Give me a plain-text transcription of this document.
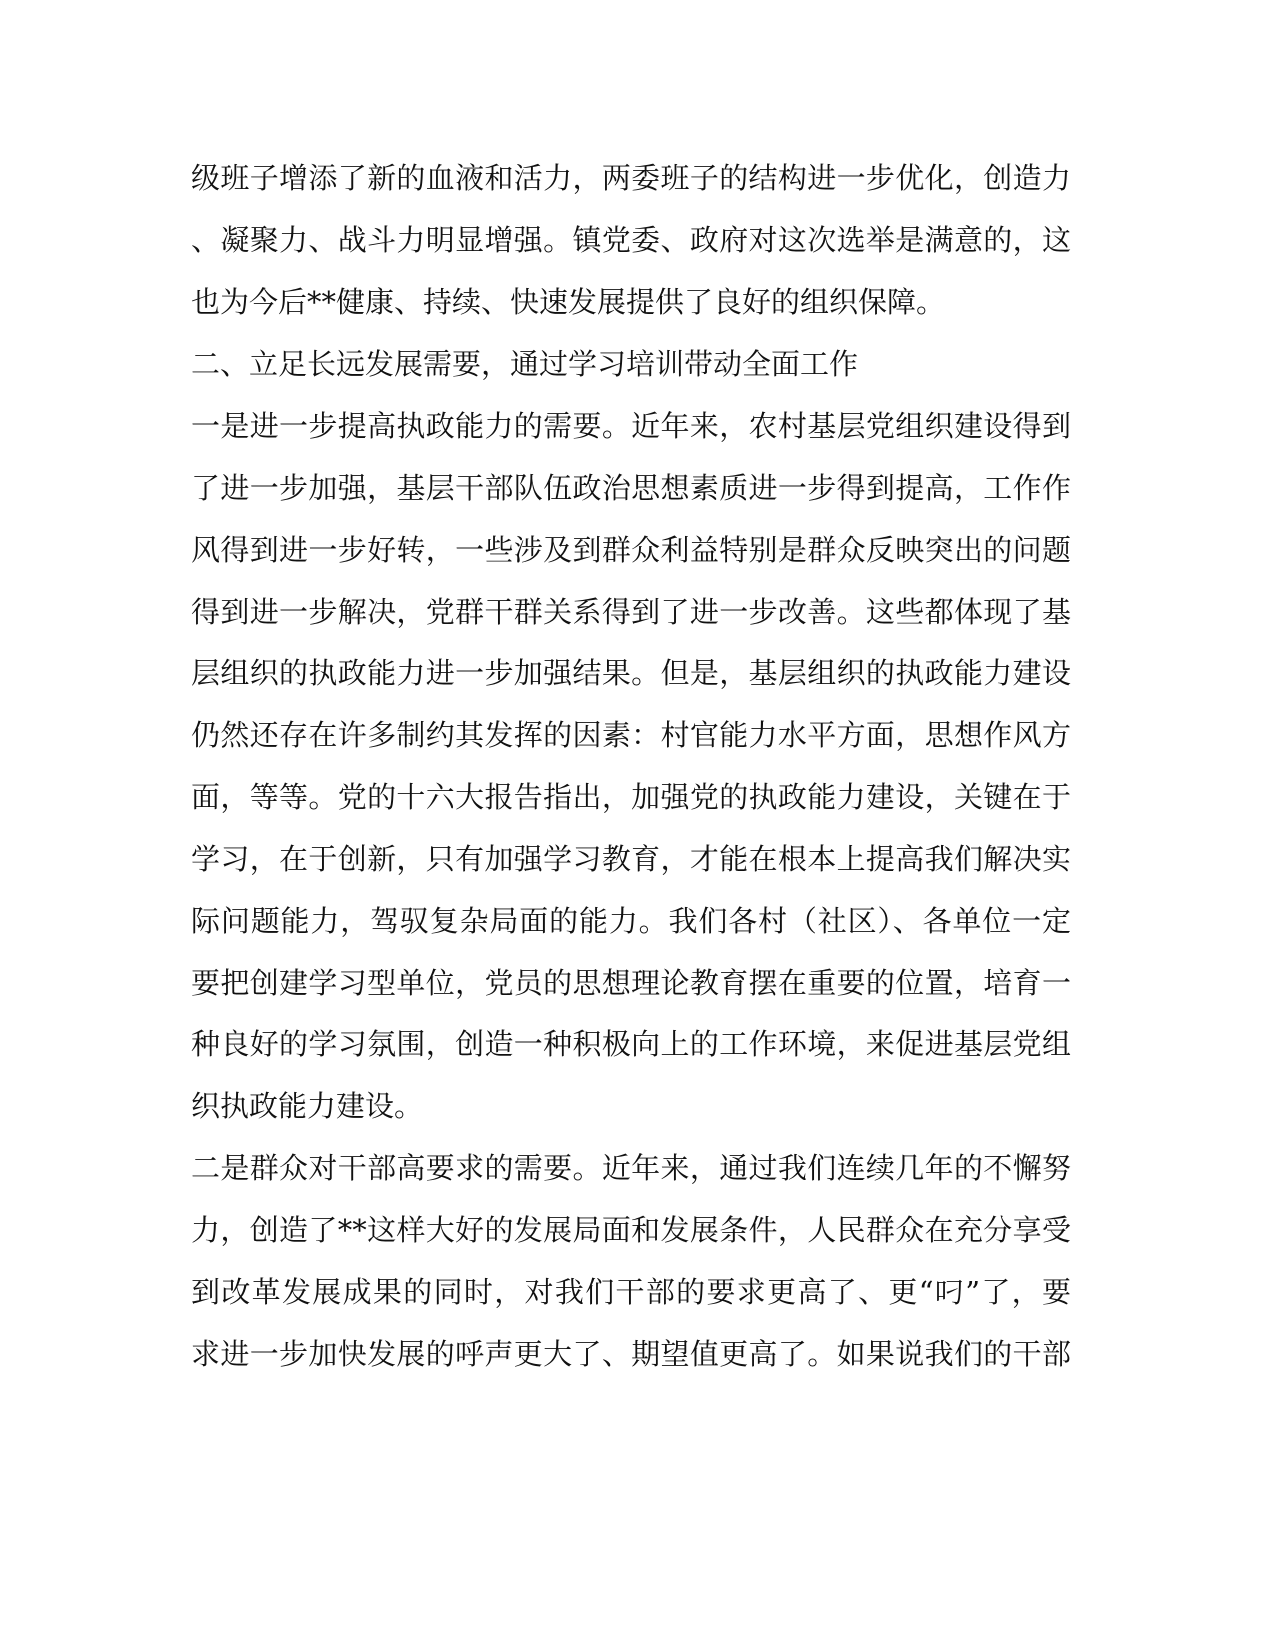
级班子增添了新的血液和活力，两委班子的结构进一步优化，创造力
、凝聚力、战斗力明显增强。镇党委、政府对这次选举是满意的，这
也为今后**健康、持续、快速发展提供了良好的组织保障。
二、立足长远发展需要，通过学习培训带动全面工作
一是进一步提高执政能力的需要。近年来，农村基层党组织建设得到
了进一步加强，基层干部队伍政治思想素质进一步得到提高，工作作
风得到进一步好转，一些涉及到群众利益特别是群众反映突出的问题
得到进一步解决，党群干群关系得到了进一步改善。这些都体现了基
层组织的执政能力进一步加强结果。但是，基层组织的执政能力建设
仍然还存在许多制约其发挥的因素：村官能力水平方面，思想作风方
面，等等。党的十六大报告指出，加强党的执政能力建设，关键在于
学习，在于创新，只有加强学习教育，才能在根本上提高我们解决实
际问题能力，驾驭复杂局面的能力。我们各村（社区）、各单位一定
要把创建学习型单位，党员的思想理论教育摆在重要的位置，培育一
种良好的学习氛围，创造一种积极向上的工作环境，来促进基层党组
织执政能力建设。
二是群众对干部高要求的需要。近年来，通过我们连续几年的不懈努
力，创造了**这样大好的发展局面和发展条件，人民群众在充分享受
到改革发展成果的同时，对我们干部的要求更高了、更“叼”了，要
求进一步加快发展的呼声更大了、期望值更高了。如果说我们的干部
